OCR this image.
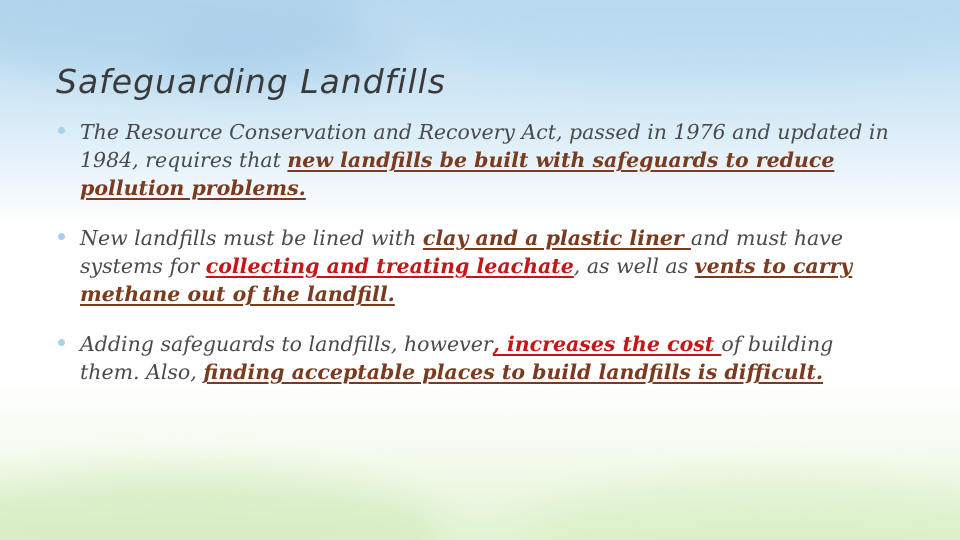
Safeguarding Landfills
The Resource Conservation and Recovery Act, passed in 1976 and updated in 1984, requires that new landfills be built with safeguards to reduce pollution problems.
New landfills must be lined with clay and a plastic liner and must have systems for collecting and treating leachate, as well as vents to carry methane out of the landfill.
Adding safeguards to landfills, however, increases the cost of building them. Also, finding acceptable places to build landfills is difficult.
